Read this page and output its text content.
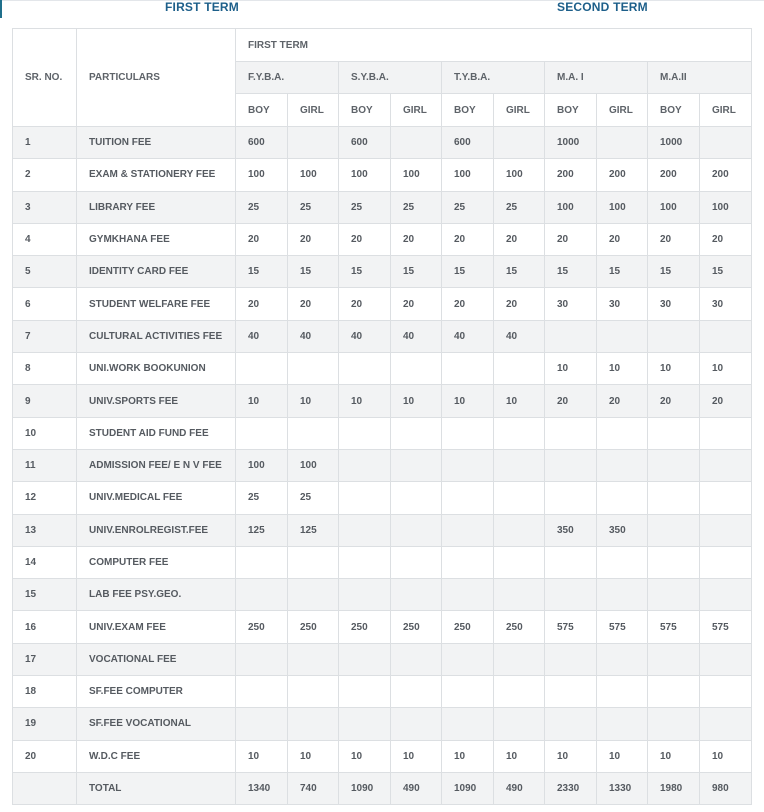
FIRST TERM	SECOND TERM
SR. NO.	PARTICULARS	FIRST TERM									
		F.Y.B.A.		S.Y.B.A.		T.Y.B.A.		M.A. I		M.A.II	
		BOY	GIRL	BOY	GIRL	BOY	GIRL	BOY	GIRL	BOY	GIRL
1	TUITION FEE	600		600		600		1000		1000	
2	EXAM & STATIONERY FEE	100	100	100	100	100	100	200	200	200	200
3	LIBRARY FEE	25	25	25	25	25	25	100	100	100	100
4	GYMKHANA FEE	20	20	20	20	20	20	20	20	20	20
5	IDENTITY CARD FEE	15	15	15	15	15	15	15	15	15	15
6	STUDENT WELFARE FEE	20	20	20	20	20	20	30	30	30	30
7	CULTURAL ACTIVITIES FEE	40	40	40	40	40	40				
8	UNI.WORK BOOKUNION							10	10	10	10
9	UNIV.SPORTS FEE	10	10	10	10	10	10	20	20	20	20
10	STUDENT AID FUND FEE										
11	ADMISSION FEE/ E N V FEE	100	100								
12	UNIV.MEDICAL FEE	25	25								
13	UNIV.ENROLREGIST.FEE	125	125					350	350		
14	COMPUTER FEE										
15	LAB FEE PSY.GEO.										
16	UNIV.EXAM FEE	250	250	250	250	250	250	575	575	575	575
17	VOCATIONAL FEE										
18	SF.FEE COMPUTER										
19	SF.FEE VOCATIONAL										
20	W.D.C FEE	10	10	10	10	10	10	10	10	10	10
	TOTAL	1340	740	1090	490	1090	490	2330	1330	1980	980
